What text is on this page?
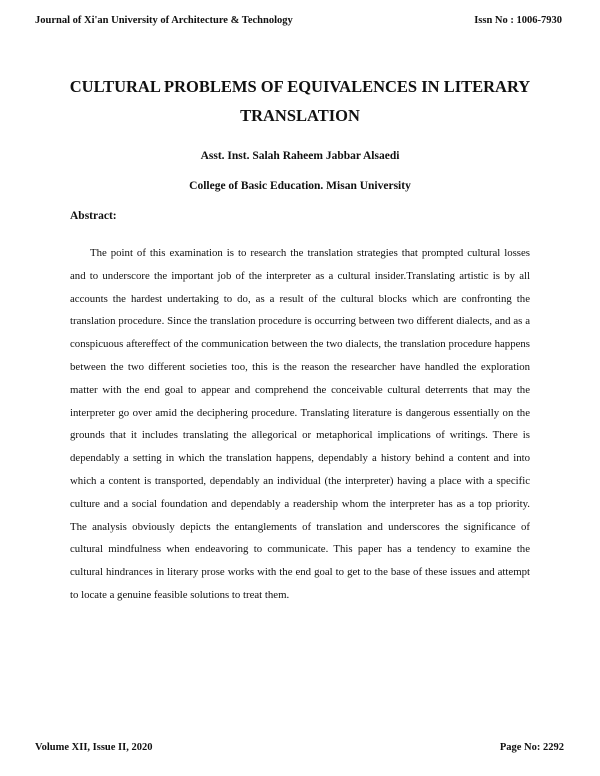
Journal of Xi'an University of Architecture & Technology	Issn No : 1006-7930
CULTURAL PROBLEMS OF EQUIVALENCES IN LITERARY
TRANSLATION
Asst. Inst. Salah Raheem Jabbar Alsaedi
College of Basic Education. Misan University
Abstract:

The point of this examination is to research the translation strategies that prompted cultural losses and to underscore the important job of the interpreter as a cultural insider.Translating artistic is by all accounts the hardest undertaking to do, as a result of the cultural blocks which are confronting the translation procedure. Since the translation procedure is occurring between two different dialects, and as a conspicuous aftereffect of the communication between the two dialects, the translation procedure happens between the two different societies too, this is the reason the researcher have handled the exploration matter with the end goal to appear and comprehend the conceivable cultural deterrents that may the interpreter go over amid the deciphering procedure. Translating literature is dangerous essentially on the grounds that it includes translating the allegorical or metaphorical implications of writings. There is dependably a setting in which the translation happens, dependably a history behind a content and into which a content is transported, dependably an individual (the interpreter) having a place with a specific culture and a social foundation and dependably a readership whom the interpreter has as a top priority. The analysis obviously depicts the entanglements of translation and underscores the significance of cultural mindfulness when endeavoring to communicate. This paper has a tendency to examine the cultural hindrances in literary prose works with the end goal to get to the base of these issues and attempt to locate a genuine feasible solutions to treat them.

Volume XII, Issue II, 2020	Page No: 2292
